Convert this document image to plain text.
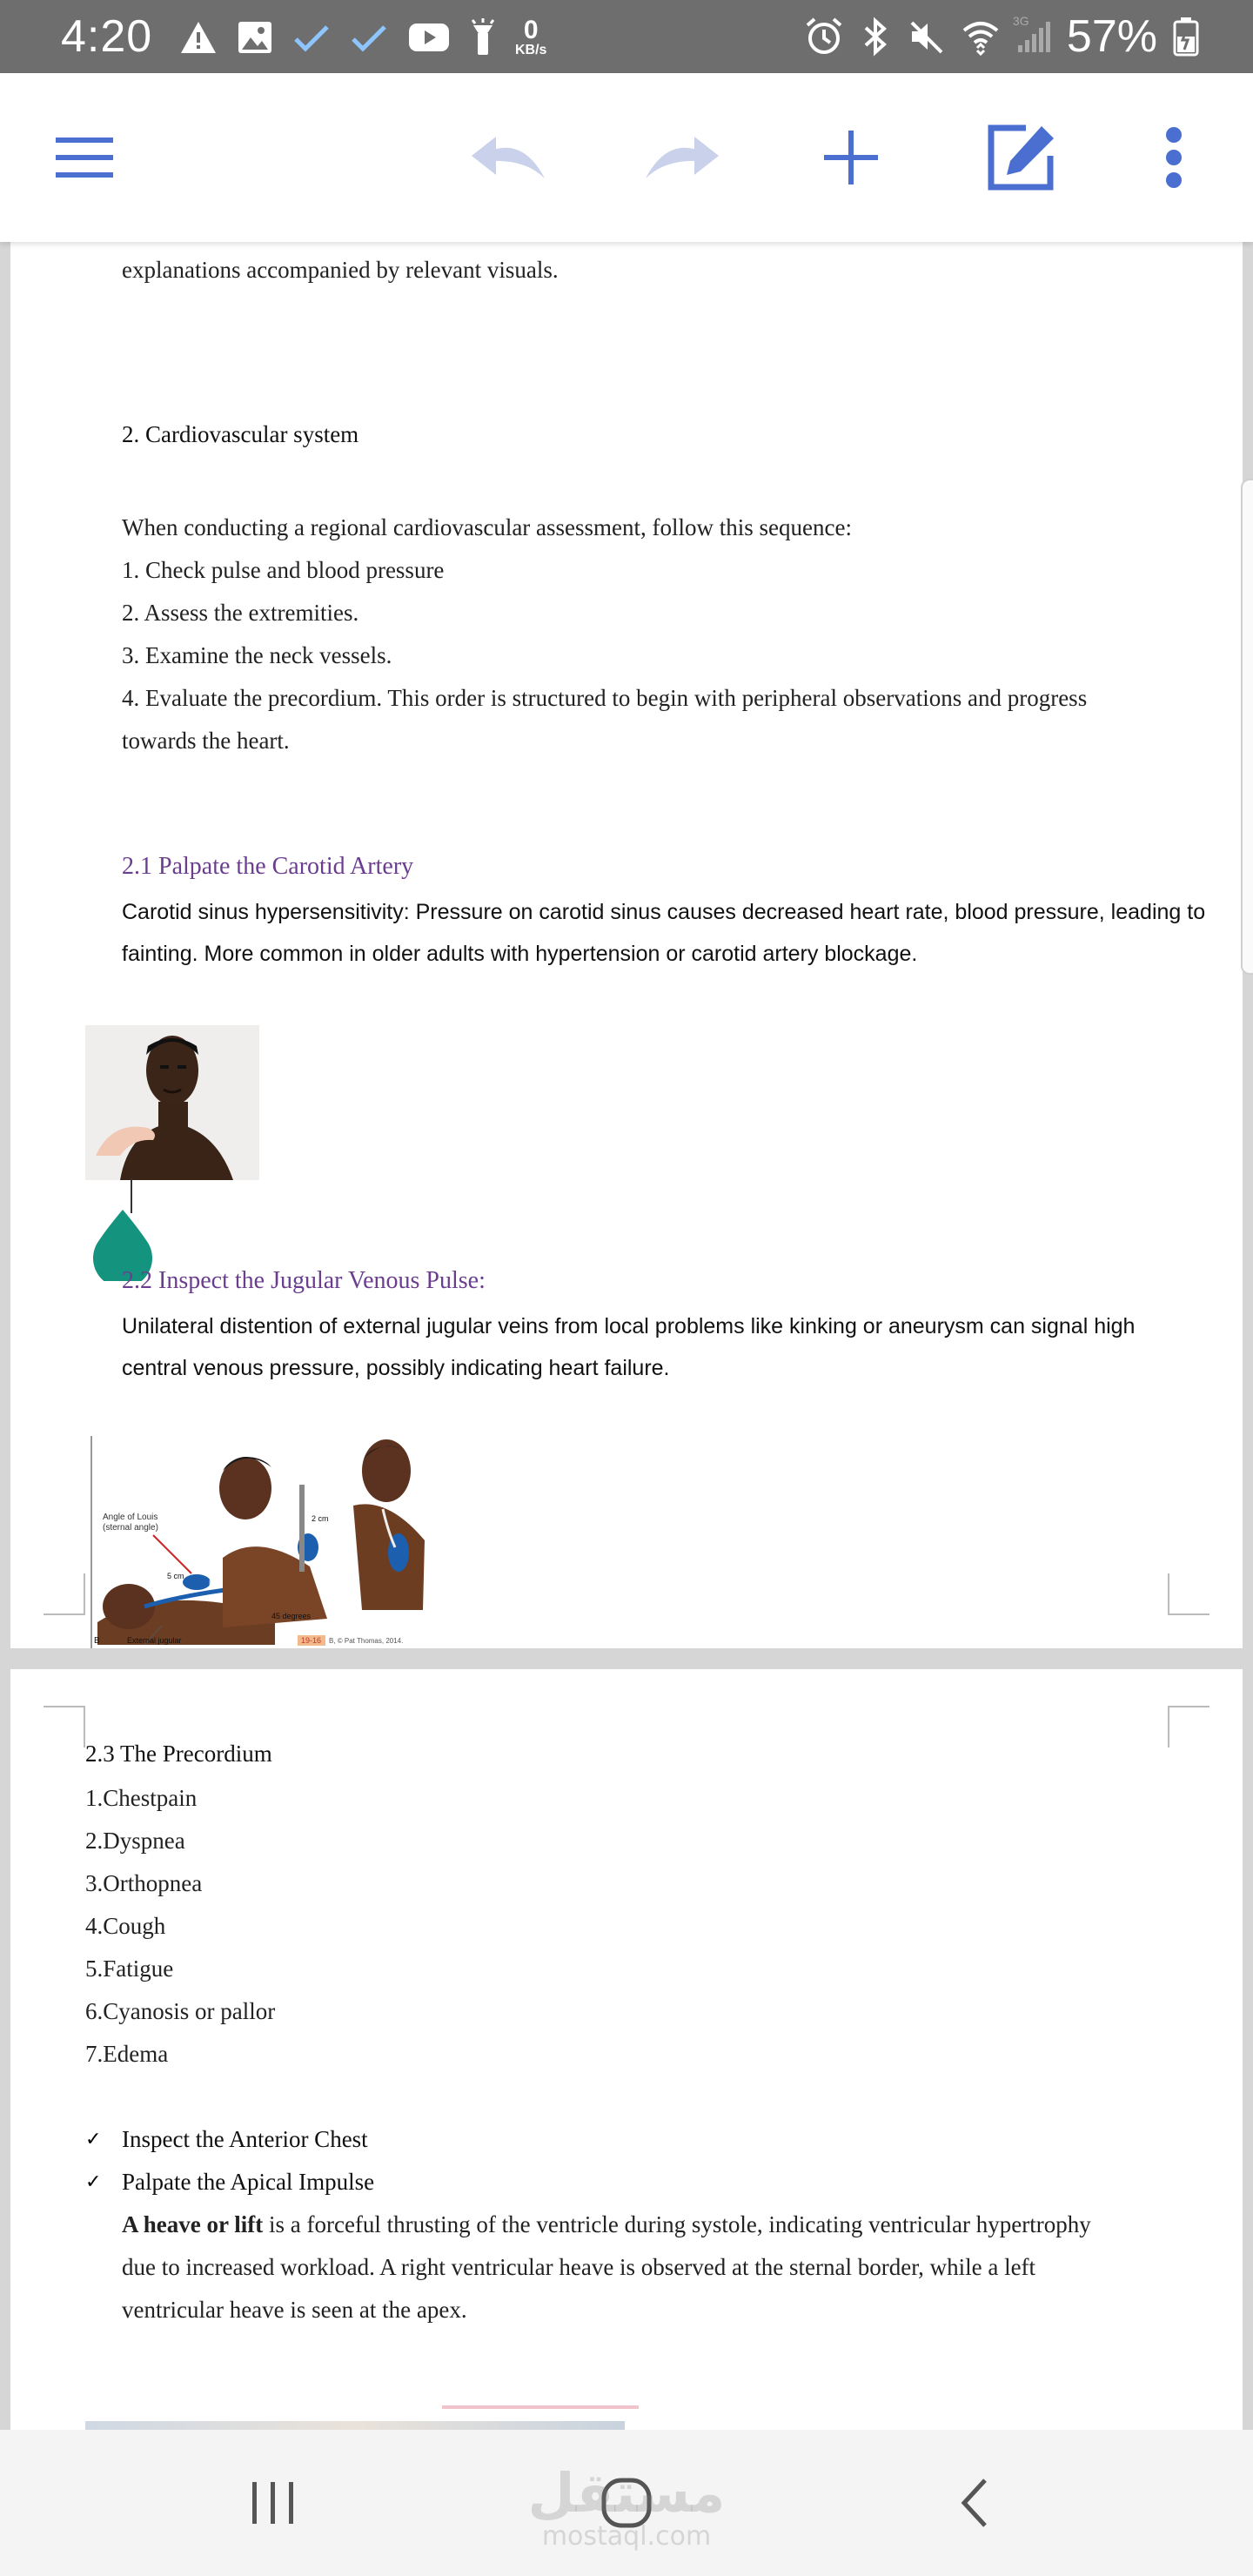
4:20	0
KB/s
3G 57%
explanations accompanied by relevant visuals.
2. Cardiovascular system
When conducting a regional cardiovascular assessment, follow this sequence:
1. Check pulse and blood pressure
2. Assess the extremities.
3. Examine the neck vessels.
4. Evaluate the precordium. This order is structured to begin with peripheral observations and progress
towards the heart.
2.1 Palpate the Carotid Artery
Carotid sinus hypersensitivity: Pressure on carotid sinus causes decreased heart rate, blood pressure, leading to
fainting. More common in older adults with hypertension or carotid artery blockage.
2.2 Inspect the Jugular Venous Pulse:
Unilateral distention of external jugular veins from local problems like kinking or aneurysm can signal high
central venous pressure, possibly indicating heart failure.
Angle of Louis
(sternal angle)
5 cm
2 cm
RA
45 degrees
B	External jugular	19-16 B, © Pat Thomas, 2014.
2.3 The Precordium
1.Chestpain
2.Dyspnea
3.Orthopnea
4.Cough
5.Fatigue
6.Cyanosis or pallor
7.Edema
✓ Inspect the Anterior Chest
✓ Palpate the Apical Impulse
A heave or lift is a forceful thrusting of the ventricle during systole, indicating ventricular hypertrophy
due to increased workload. A right ventricular heave is observed at the sternal border, while a left
ventricular heave is seen at the apex.
مستقل
mostaql.com
